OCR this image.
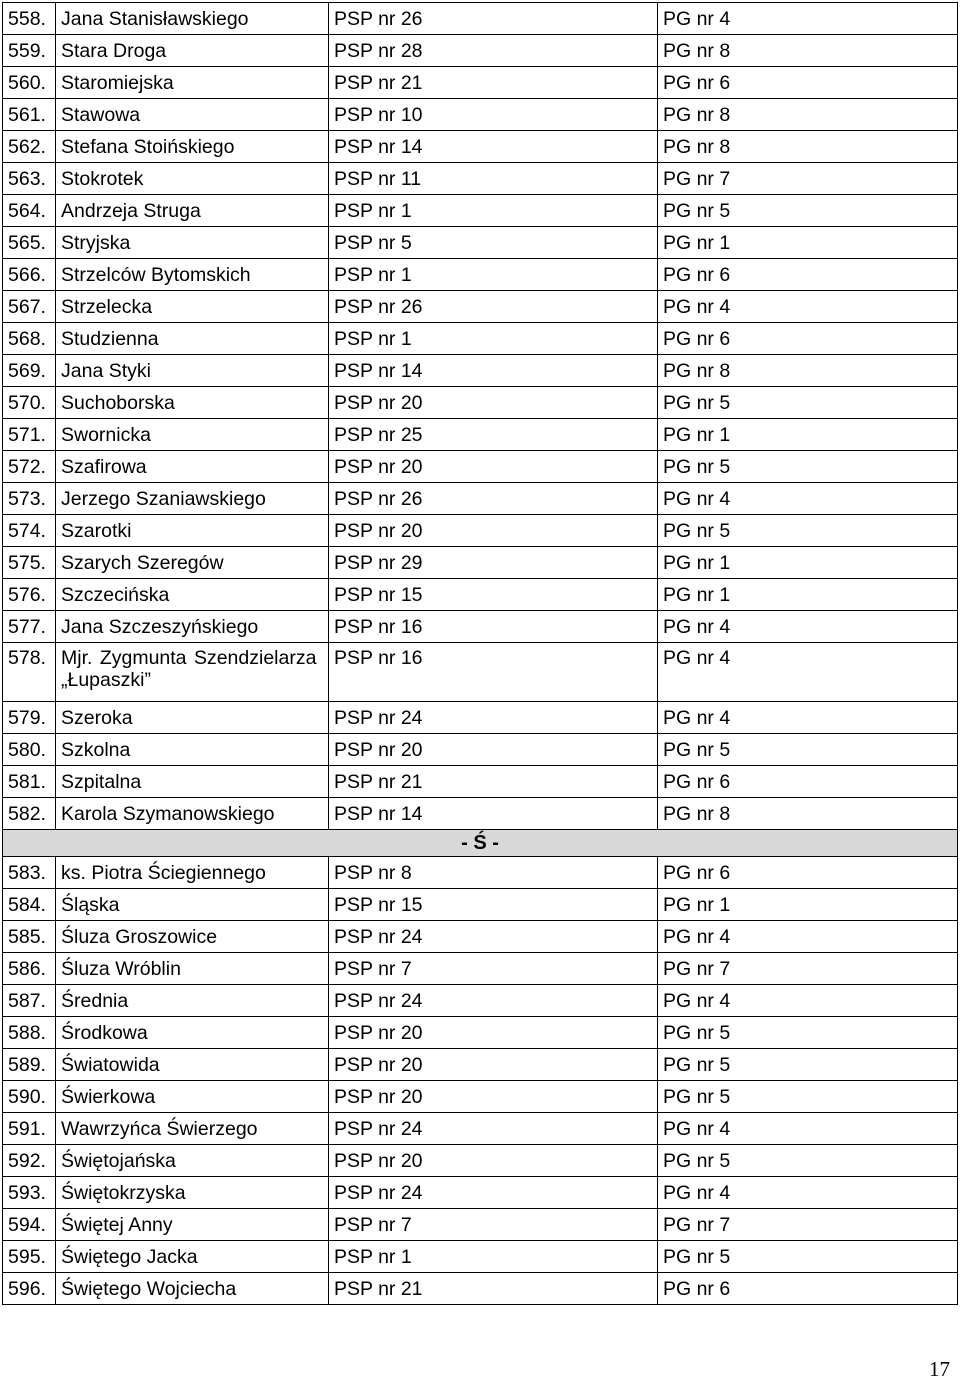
558.	Jana Stanisławskiego	PSP nr 26	PG nr 4
559.	Stara Droga	PSP nr 28	PG nr 8
560.	Staromiejska	PSP nr 21	PG nr 6
561.	Stawowa	PSP nr 10	PG nr 8
562.	Stefana Stoińskiego	PSP nr 14	PG nr 8
563.	Stokrotek	PSP nr 11	PG nr 7
564.	Andrzeja Struga	PSP nr 1	PG nr 5
565.	Stryjska	PSP nr 5	PG nr 1
566.	Strzelców Bytomskich	PSP nr 1	PG nr 6
567.	Strzelecka	PSP nr 26	PG nr 4
568.	Studzienna	PSP nr 1	PG nr 6
569.	Jana Styki	PSP nr 14	PG nr 8
570.	Suchoborska	PSP nr 20	PG nr 5
571.	Swornicka	PSP nr 25	PG nr 1
572.	Szafirowa	PSP nr 20	PG nr 5
573.	Jerzego Szaniawskiego	PSP nr 26	PG nr 4
574.	Szarotki	PSP nr 20	PG nr 5
575.	Szarych Szeregów	PSP nr 29	PG nr 1
576.	Szczecińska	PSP nr 15	PG nr 1
577.	Jana Szczeszyńskiego	PSP nr 16	PG nr 4
578.	Mjr. Zygmunta Szendzielarza „Łupaszki”	PSP nr 16	PG nr 4
579.	Szeroka	PSP nr 24	PG nr 4
580.	Szkolna	PSP nr 20	PG nr 5
581.	Szpitalna	PSP nr 21	PG nr 6
582.	Karola Szymanowskiego	PSP nr 14	PG nr 8
- Ś -			
583.	ks. Piotra Ściegiennego	PSP nr 8	PG nr 6
584.	Śląska	PSP nr 15	PG nr 1
585.	Śluza Groszowice	PSP nr 24	PG nr 4
586.	Śluza Wróblin	PSP nr 7	PG nr 7
587.	Średnia	PSP nr 24	PG nr 4
588.	Środkowa	PSP nr 20	PG nr 5
589.	Światowida	PSP nr 20	PG nr 5
590.	Świerkowa	PSP nr 20	PG nr 5
591.	Wawrzyńca Świerzego	PSP nr 24	PG nr 4
592.	Świętojańska	PSP nr 20	PG nr 5
593.	Świętokrzyska	PSP nr 24	PG nr 4
594.	Świętej Anny	PSP nr 7	PG nr 7
595.	Świętego Jacka	PSP nr 1	PG nr 5
596.	Świętego Wojciecha	PSP nr 21	PG nr 6
17
